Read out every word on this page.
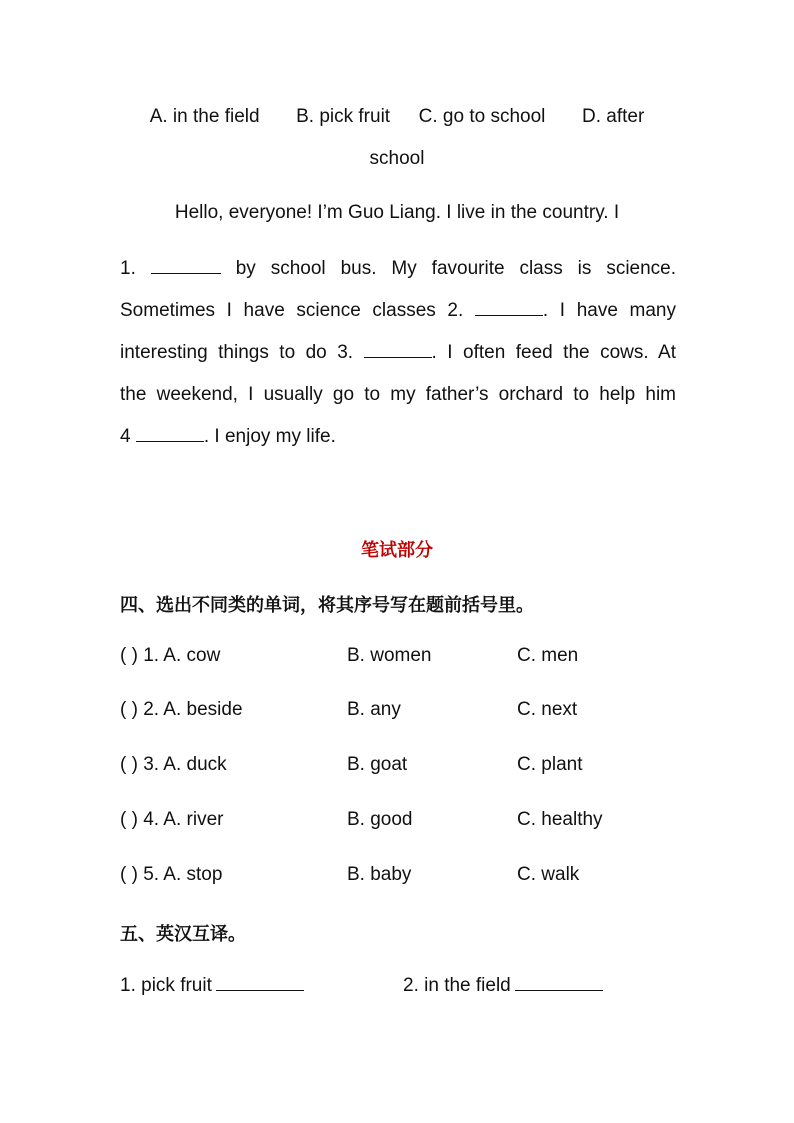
A. in the field B. pick fruit C. go to school D. after
school
Hello, everyone! I’m Guo Liang. I live in the country. I
1.	by school bus. My favourite class is science.
Sometimes I have science classes 2.	. I have many
interesting things to do 3.	. I often feed the cows. At
the weekend, I usually go to my father’s orchard to help him
4	. I enjoy my life.
笔试部分
四、选出不同类的单词，将其序号写在题前括号里。
( ) 1. A. cow	B. women	C. men
( ) 2. A. beside	B. any	C. next
( ) 3. A. duck	B. goat	C. plant
( ) 4. A. river	B. good	C. healthy
( ) 5. A. stop	B. baby	C. walk
五、英汉互译。
1. pick fruit	2. in the field
